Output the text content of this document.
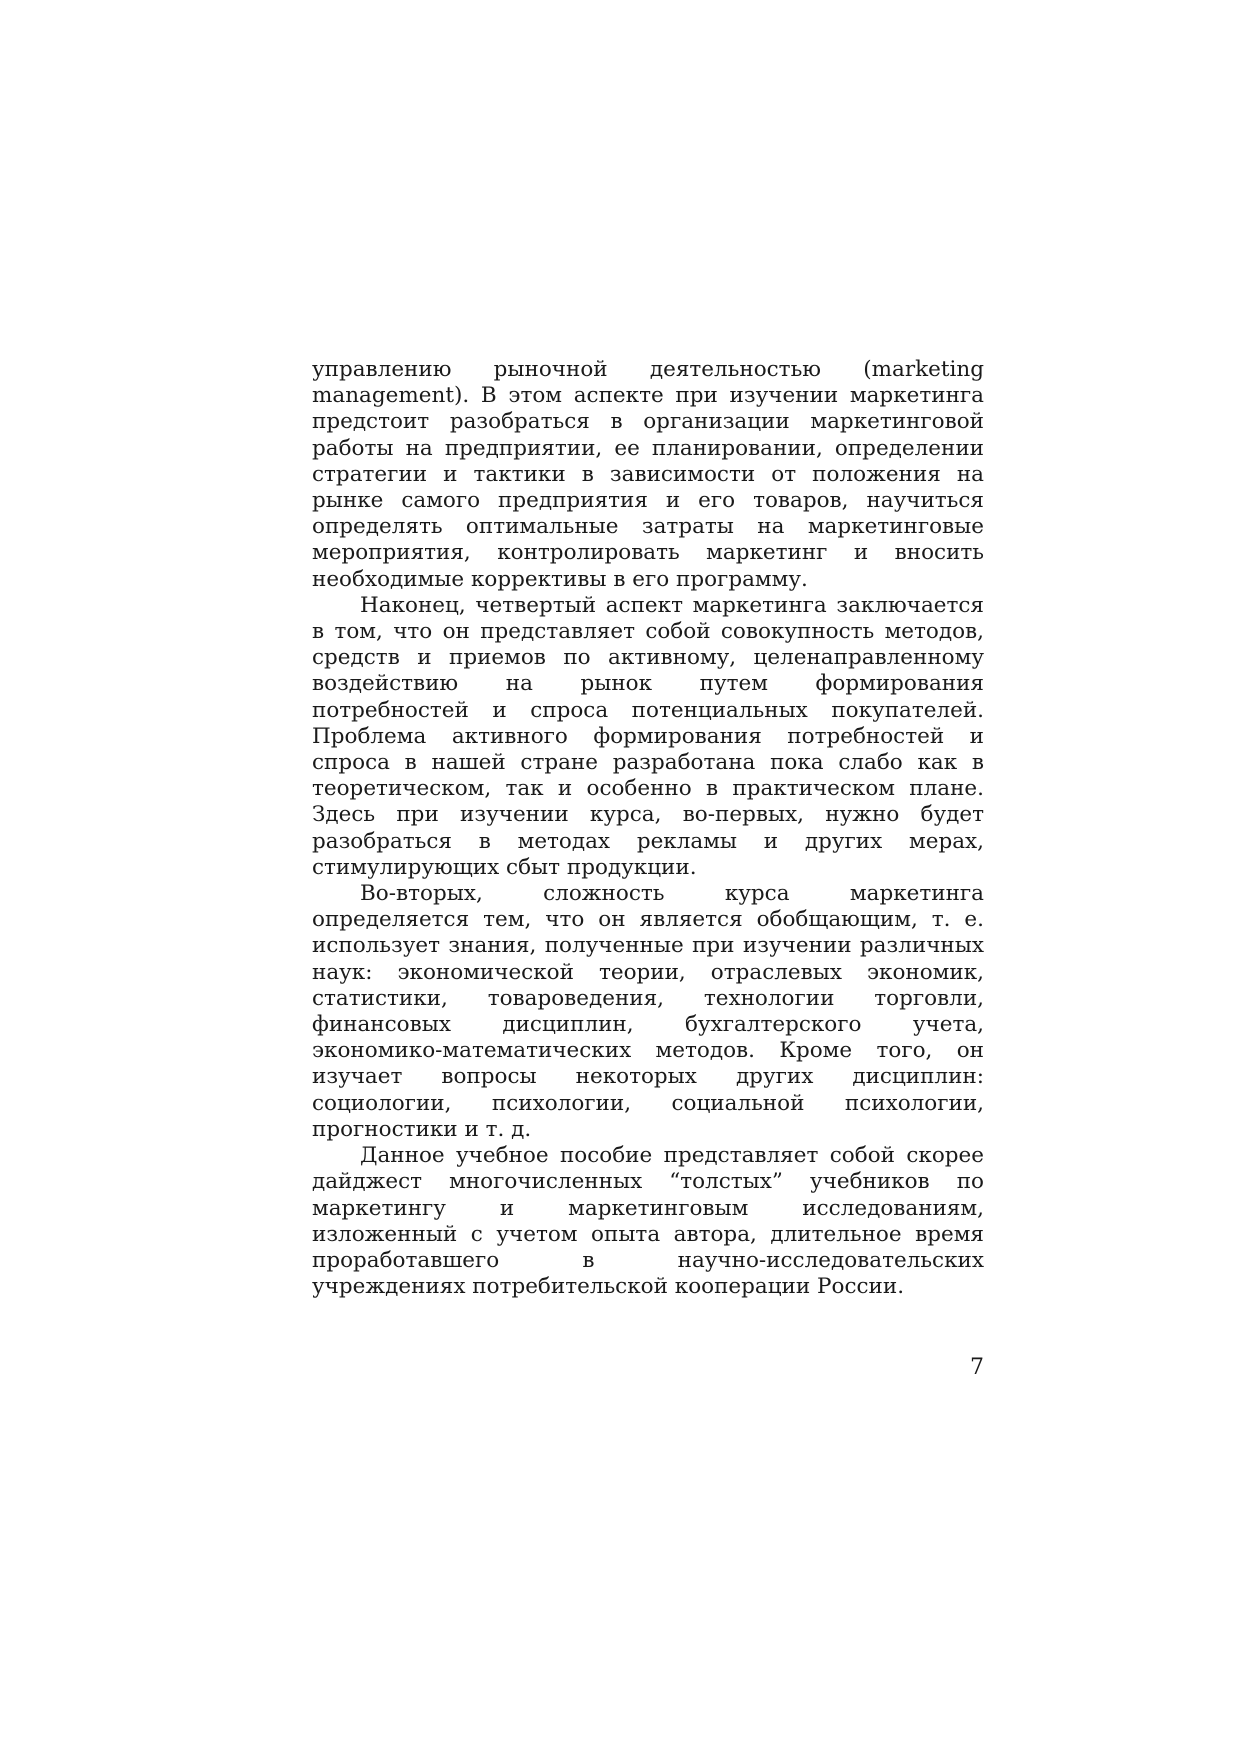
управлению рыночной деятельностью (marketing management). В этом аспекте при изучении маркетинга предстоит разобраться в организации маркетинговой работы на предприятии, ее планировании, определении стратегии и тактики в зависимости от положения на рынке самого предприятия и его товаров, научиться определять оптимальные затраты на маркетинговые мероприятия, контролировать маркетинг и вносить необходимые коррективы в его программу.

Наконец, четвертый аспект маркетинга заключается в том, что он представляет собой совокупность методов, средств и приемов по активному, целенаправленному воздействию на рынок путем формирования потребностей и спроса потенциальных покупателей. Проблема активного формирования потребностей и спроса в нашей стране разработана пока слабо как в теоретическом, так и особенно в практическом плане. Здесь при изучении курса, во-первых, нужно будет разобраться в методах рекламы и других мерах, стимулирующих сбыт продукции.

Во-вторых, сложность курса маркетинга определяется тем, что он является обобщающим, т. е. использует знания, полученные при изучении различных наук: экономической теории, отраслевых экономик, статистики, товароведения, технологии торговли, финансовых дисциплин, бухгалтерского учета, экономико-математических методов. Кроме того, он изучает вопросы некоторых других дисциплин: социологии, психологии, социальной психологии, прогностики и т. д.

Данное учебное пособие представляет собой скорее дайджест многочисленных “толстых” учебников по маркетингу и маркетинговым исследованиям, изложенный с учетом опыта автора, длительное время проработавшего в научно-исследовательских учреждениях потребительской кооперации России.

7
